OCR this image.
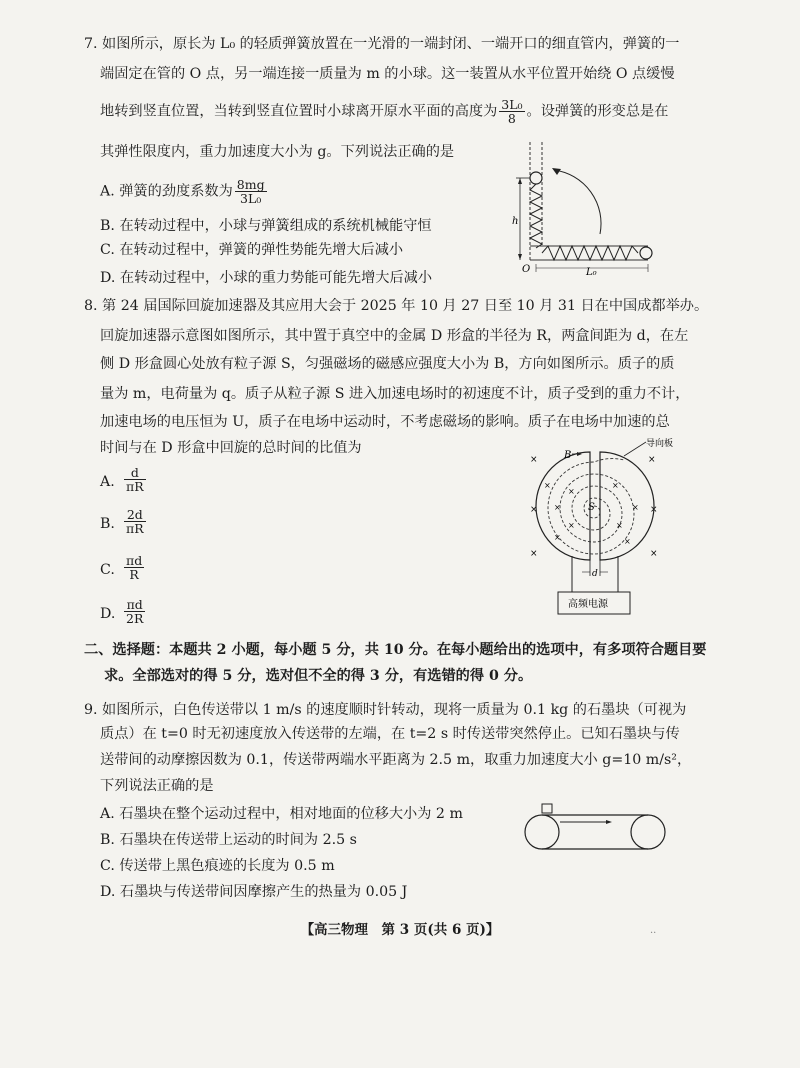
7. 如图所示，原长为 L₀ 的轻质弹簧放置在一光滑的一端封闭、一端开口的细直管内，弹簧的一
端固定在管的 O 点，另一端连接一质量为 m 的小球。这一装置从水平位置开始绕 O 点缓慢
地转到竖直位置，当转到竖直位置时小球离开原水平面的高度为 $\frac{\text{3L₀}}{8}$ 。设弹簧的形变总是在
其弹性限度内，重力加速度大小为 g。下列说法正确的是
A. 弹簧的劲度系数为 $\frac{8mg}{\text{3L₀}}$
B. 在转动过程中，小球与弹簧组成的系统机械能守恒
C. 在转动过程中，弹簧的弹性势能先增大后减小
D. 在转动过程中，小球的重力势能可能先增大后减小
h
O	L₀
8. 第 24 届国际回旋加速器及其应用大会于 2025 年 10 月 27 日至 10 月 31 日在中国成都举办。
回旋加速器示意图如图所示，其中置于真空中的金属 D 形盒的半径为 R，两盒间距为 d，在左
侧 D 形盒圆心处放有粒子源 S，匀强磁场的磁感应强度大小为 B，方向如图所示。质子的质
量为 m，电荷量为 q。质子从粒子源 S 进入加速电场时的初速度不计，质子受到的重力不计，
加速电场的电压恒为 U，质子在电场中运动时，不考虑磁场的影响。质子在电场中加速的总
时间与在 D 形盒中回旋的总时间的比值为
A. $\frac{d}{\pi R}$
B. $\frac{2d}{\pi R}$
C. $\frac{\pi d}{R}$
D. $\frac{\pi d}{2R}$
导向板
×	×
×	×
×	×
×
×
×
×
×
×
×
×	×
B
S
d
高频电源
二、选择题：本题共 2 小题，每小题 5 分，共 10 分。在每小题给出的选项中，有多项符合题目要
求。全部选对的得 5 分，选对但不全的得 3 分，有选错的得 0 分。
9. 如图所示，白色传送带以 1 m/s 的速度顺时针转动，现将一质量为 0.1 kg 的石墨块（可视为
质点）在 t=0 时无初速度放入传送带的左端，在 t=2 s 时传送带突然停止。已知石墨块与传
送带间的动摩擦因数为 0.1，传送带两端水平距离为 2.5 m，取重力加速度大小 g=10 m/s²，
下列说法正确的是
A. 石墨块在整个运动过程中，相对地面的位移大小为 2 m
B. 石墨块在传送带上运动的时间为 2.5 s
C. 传送带上黑色痕迹的长度为 0.5 m
D. 石墨块与传送带间因摩擦产生的热量为 0.05 J
【高三物理　第 3 页(共 6 页)】	··
